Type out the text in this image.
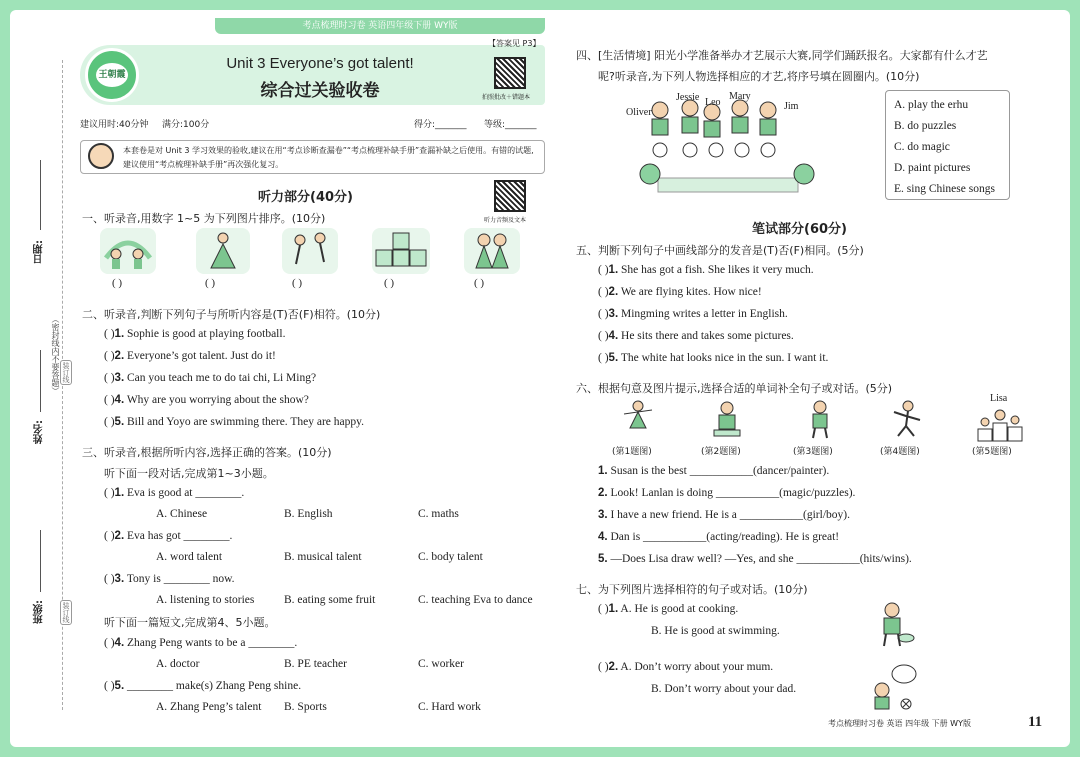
考点梳理时习卷 英语四年级下册 WY版
日期:
（密封线内不要答题）
姓名:
班级:
装订线
装订线
王朝霞
【答案见 P3】
Unit 3 Everyone’s got talent!
综合过关验收卷	拍照批改＋错题本
建议用时:40分钟 满分:100分	得分:_______ 等级:_______
本套卷是对 Unit 3 学习效果的验收,建议在用“考点诊断查漏卷”“考点梳理补缺手册”查漏补缺之后使用。有错的试题,建议使用“考点梳理补缺手册”再次强化复习。
听力部分(40分)
听力音频及文本
一、听录音,用数字 1~5 为下列图片排序。(10分)
( )	( )	( )	( )	( )
二、听录音,判断下列句子与所听内容是(T)否(F)相符。(10分)
( )1. Sophie is good at playing football.
( )2. Everyone’s got talent. Just do it!
( )3. Can you teach me to do tai chi, Li Ming?
( )4. Why are you worrying about the show?
( )5. Bill and Yoyo are swimming there. They are happy.
三、听录音,根据所听内容,选择正确的答案。(10分)
听下面一段对话,完成第1~3小题。
( )1. Eva is good at ________.
A. Chinese	B. English	C. maths
( )2. Eva has got ________.
A. word talent	B. musical talent	C. body talent
( )3. Tony is ________ now.
A. listening to stories	B. eating some fruit	C. teaching Eva to dance
听下面一篇短文,完成第4、5小题。
( )4. Zhang Peng wants to be a ________.
A. doctor	B. PE teacher	C. worker
( )5. ________ make(s) Zhang Peng shine.
A. Zhang Peng’s talent B. Sports	C. Hard work
四、[生活情境] 阳光小学准备举办才艺展示大赛,同学们踊跃报名。大家都有什么才艺
呢?听录音,为下列人物选择相应的才艺,将序号填在圆圈内。(10分)
Oliver
Jessie Leo
Mary
Jim	A. play the erhu
B. do puzzles
C. do magic
D. paint pictures
E. sing Chinese songs
笔试部分(60分)
五、判断下列句子中画线部分的发音是(T)否(F)相同。(5分)
( )1. She has got a fish. She likes it very much.
( )2. We are flying kites. How nice!
( )3. Mingming writes a letter in English.
( )4. He sits there and takes some pictures.
( )5. The white hat looks nice in the sun. I want it.
六、根据句意及图片提示,选择合适的单词补全句子或对话。(5分)
Lisa
(第1题图)	(第2题图)	(第3题图)	(第4题图)	(第5题图)
1. Susan is the best ___________(dancer/painter).
2. Look! Lanlan is doing ___________(magic/puzzles).
3. I have a new friend. He is a ___________(girl/boy).
4. Dan is ___________(acting/reading). He is great!
5. —Does Lisa draw well? —Yes, and she ___________(hits/wins).
七、为下列图片选择相符的句子或对话。(10分)
( )1. A. He is good at cooking.
B. He is good at swimming.
( )2. A. Don’t worry about your mum.
B. Don’t worry about your dad.
考点梳理时习卷 英语 四年级 下册 WY版	11
